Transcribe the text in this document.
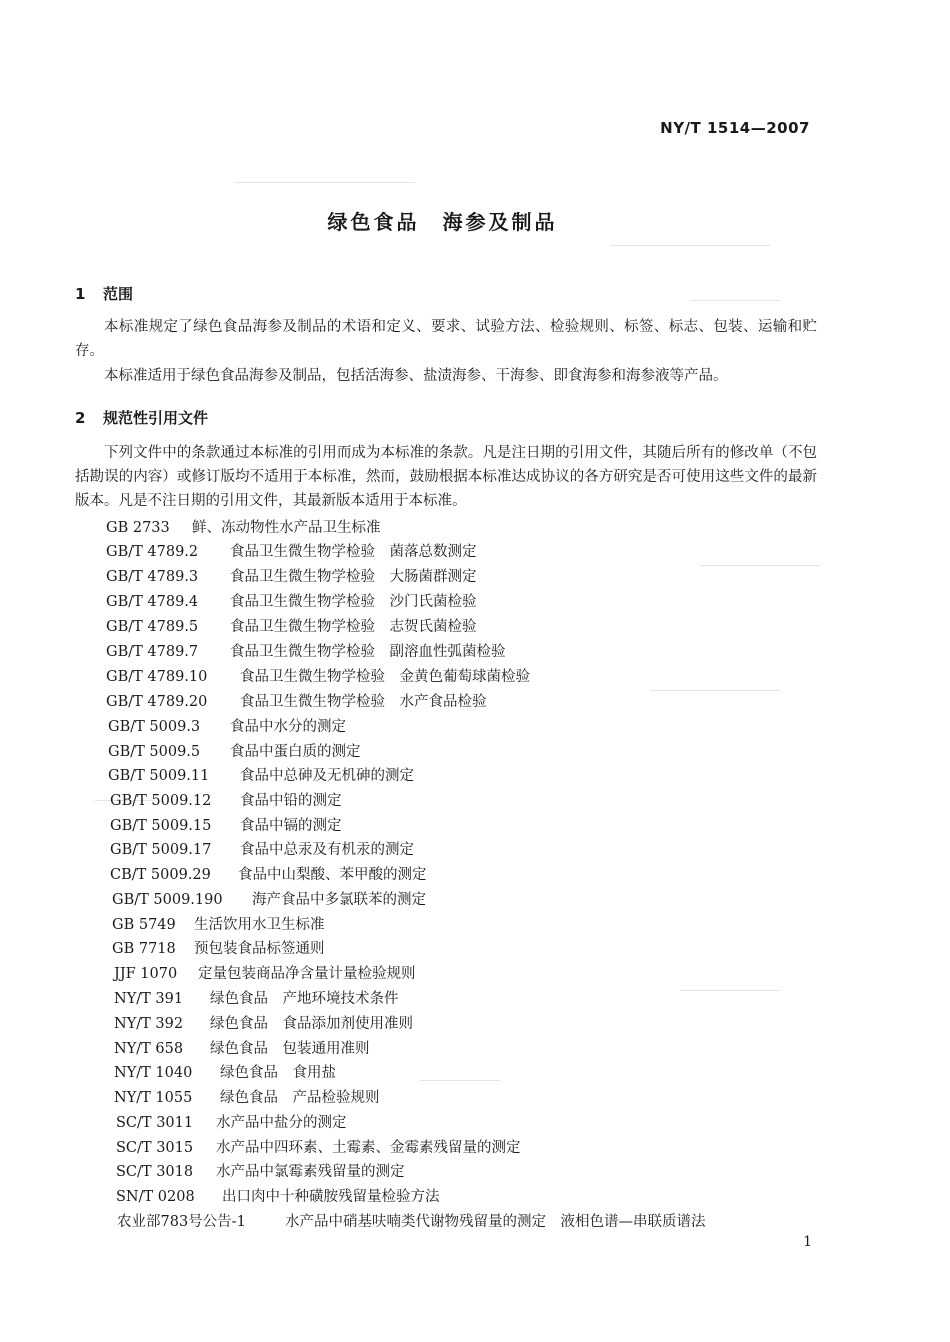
NY/T 1514—2007
绿色食品　海参及制品
1 范围
本标准规定了绿色食品海参及制品的术语和定义、要求、试验方法、检验规则、标签、标志、包装、运输和贮存。
本标准适用于绿色食品海参及制品，包括活海参、盐渍海参、干海参、即食海参和海参液等产品。
2 规范性引用文件
下列文件中的条款通过本标准的引用而成为本标准的条款。凡是注日期的引用文件，其随后所有的修改单（不包括勘误的内容）或修订版均不适用于本标准，然而，鼓励根据本标准达成协议的各方研究是否可使用这些文件的最新版本。凡是不注日期的引用文件，其最新版本适用于本标准。
GB 2733 鲜、冻动物性水产品卫生标准
GB/T 4789.2 食品卫生微生物学检验　菌落总数测定
GB/T 4789.3 食品卫生微生物学检验　大肠菌群测定
GB/T 4789.4 食品卫生微生物学检验　沙门氏菌检验
GB/T 4789.5 食品卫生微生物学检验　志贺氏菌检验
GB/T 4789.7 食品卫生微生物学检验　副溶血性弧菌检验
GB/T 4789.10 食品卫生微生物学检验　金黄色葡萄球菌检验
GB/T 4789.20 食品卫生微生物学检验　水产食品检验
GB/T 5009.3 食品中水分的测定
GB/T 5009.5 食品中蛋白质的测定
GB/T 5009.11 食品中总砷及无机砷的测定
GB/T 5009.12 食品中铅的测定
GB/T 5009.15 食品中镉的测定
GB/T 5009.17 食品中总汞及有机汞的测定
CB/T 5009.29 食品中山梨酸、苯甲酸的测定
GB/T 5009.190 海产食品中多氯联苯的测定
GB 5749 生活饮用水卫生标准
GB 7718 预包装食品标签通则
JJF 1070 定量包装商品净含量计量检验规则
NY/T 391 绿色食品　产地环境技术条件
NY/T 392 绿色食品　食品添加剂使用准则
NY/T 658 绿色食品　包装通用准则
NY/T 1040 绿色食品　食用盐
NY/T 1055 绿色食品　产品检验规则
SC/T 3011 水产品中盐分的测定
SC/T 3015 水产品中四环素、土霉素、金霉素残留量的测定
SC/T 3018 水产品中氯霉素残留量的测定
SN/T 0208 出口肉中十种磺胺残留量检验方法
农业部783号公告-1	水产品中硝基呋喃类代谢物残留量的测定　液相色谱—串联质谱法
1
